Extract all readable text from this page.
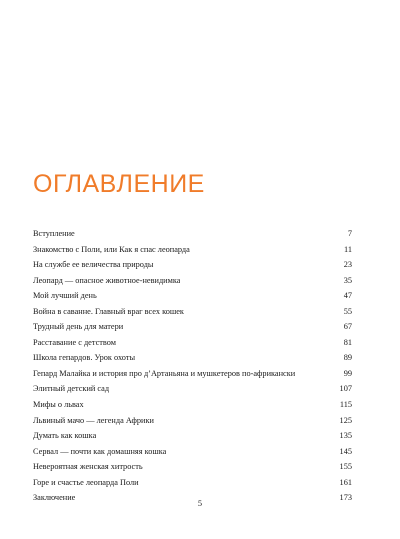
ОГЛАВЛЕНИЕ
Вступление	7
Знакомство с Поли, или Как я спас леопарда	11
На службе ее величества природы	23
Леопард — опасное животное-невидимка	35
Мой лучший день	47
Война в саванне. Главный враг всех кошек	55
Трудный день для матери	67
Расставание с детством	81
Школа гепардов. Урок охоты	89
Гепард Малайка и история про д’Артаньяна и мушкетеров по-африкански	99
Элитный детский сад	107
Мифы о львах	115
Львиный мачо — легенда Африки	125
Думать как кошка	135
Сервал — почти как домашняя кошка	145
Невероятная женская хитрость	155
Горе и счастье леопарда Поли	161
Заключение	173
5
